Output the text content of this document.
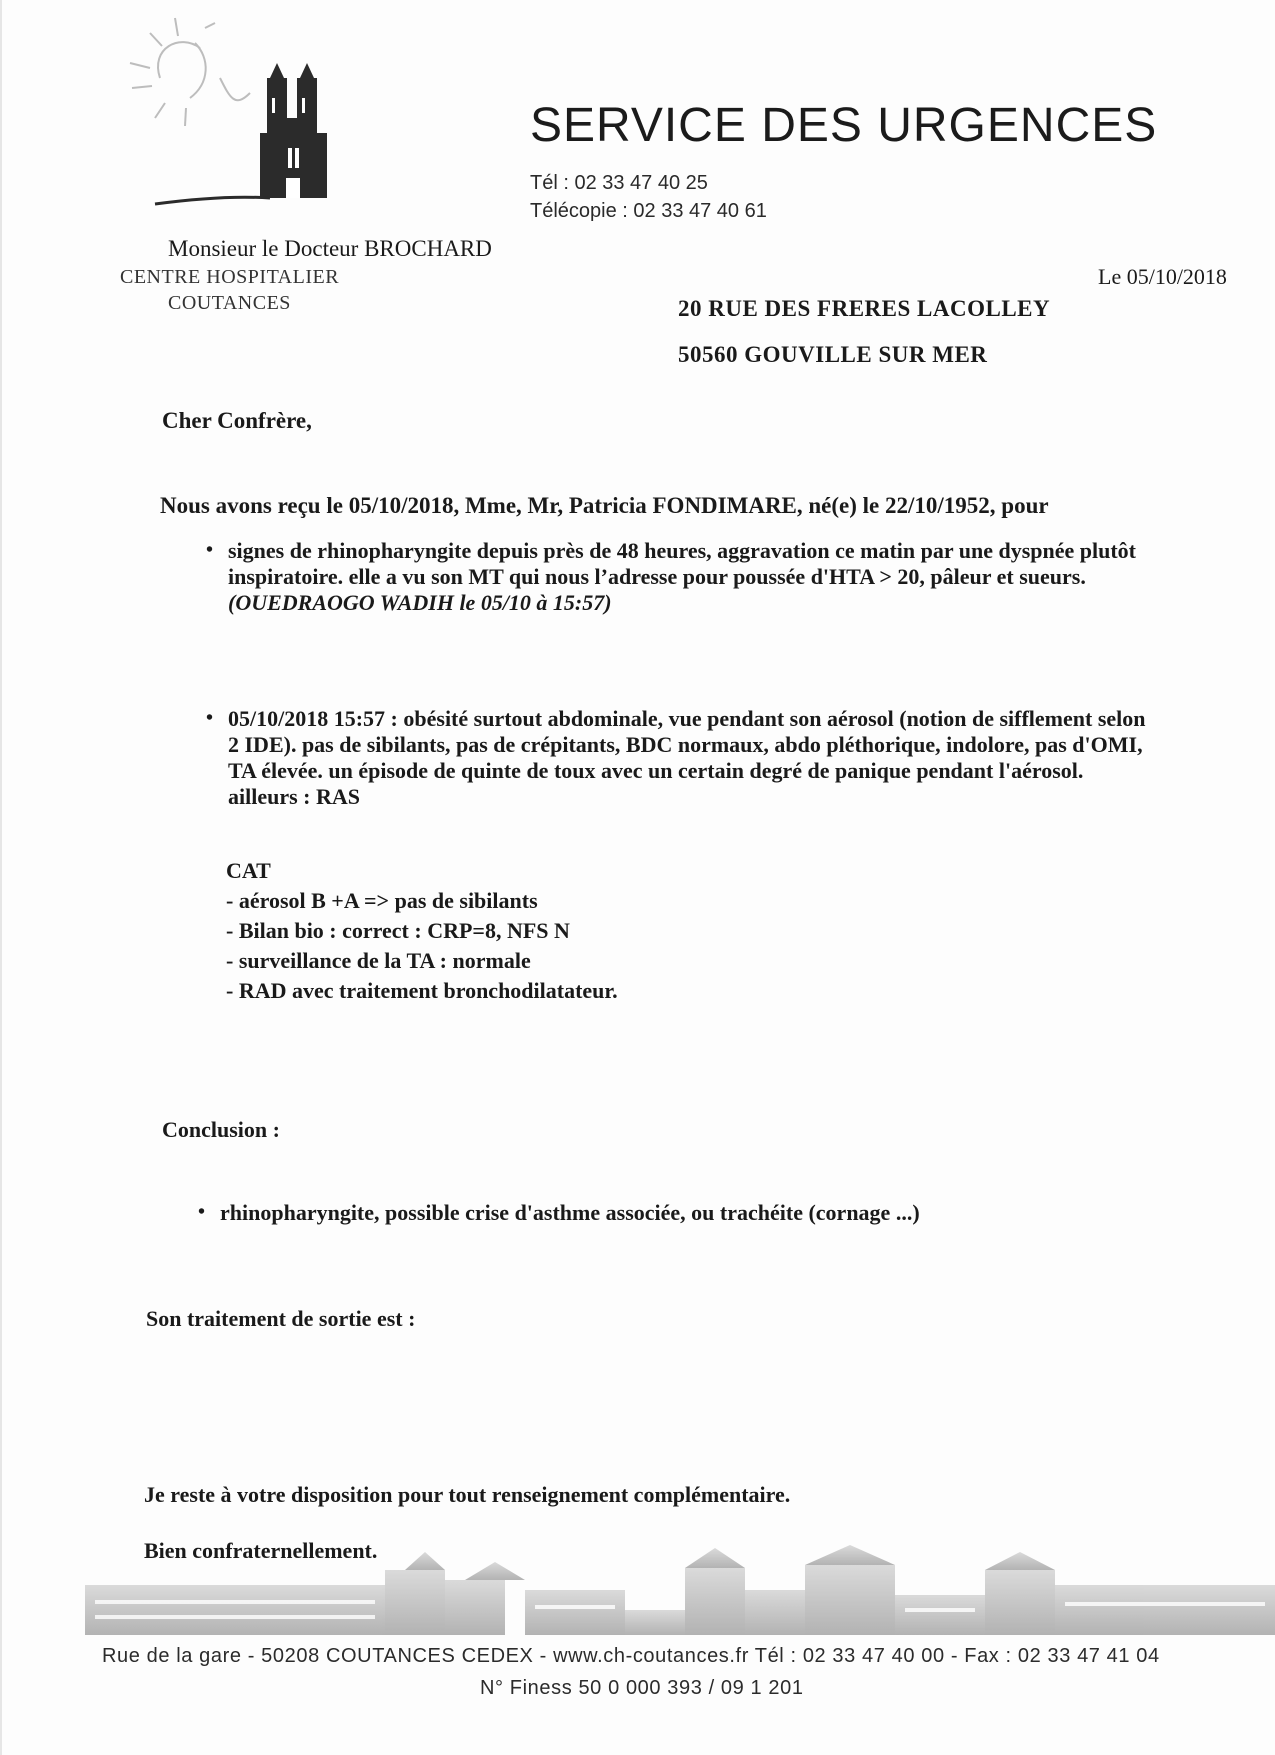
SERVICE DES URGENCES
Tél : 02 33 47 40 25
Télécopie : 02 33 47 40 61
Monsieur le Docteur BROCHARD
CENTRE HOSPITALIER
COUTANCES
Le 05/10/2018
20 RUE DES FRERES LACOLLEY
50560 GOUVILLE SUR MER
Cher Confrère,
Nous avons reçu le 05/10/2018, Mme, Mr, Patricia FONDIMARE, né(e) le 22/10/1952, pour
• signes de rhinopharyngite depuis près de 48 heures, aggravation ce matin par une dyspnée plutôt
inspiratoire. elle a vu son MT qui nous l’adresse pour poussée d'HTA > 20, pâleur et sueurs.
(OUEDRAOGO WADIH le 05/10 à 15:57)
• 05/10/2018 15:57 : obésité surtout abdominale, vue pendant son aérosol (notion de sifflement selon
2 IDE). pas de sibilants, pas de crépitants, BDC normaux, abdo pléthorique, indolore, pas d'OMI,
TA élevée. un épisode de quinte de toux avec un certain degré de panique pendant l'aérosol.
ailleurs : RAS
CAT
- aérosol B +A => pas de sibilants
- Bilan bio : correct : CRP=8, NFS N
- surveillance de la TA : normale
- RAD avec traitement bronchodilatateur.
Conclusion :
• rhinopharyngite, possible crise d'asthme associée, ou trachéite (cornage ...)
Son traitement de sortie est :
Je reste à votre disposition pour tout renseignement complémentaire.
Bien confraternellement.
Rue de la gare - 50208 COUTANCES CEDEX - www.ch-coutances.fr Tél : 02 33 47 40 00 - Fax : 02 33 47 41 04
N° Finess 50 0 000 393 / 09 1 201
